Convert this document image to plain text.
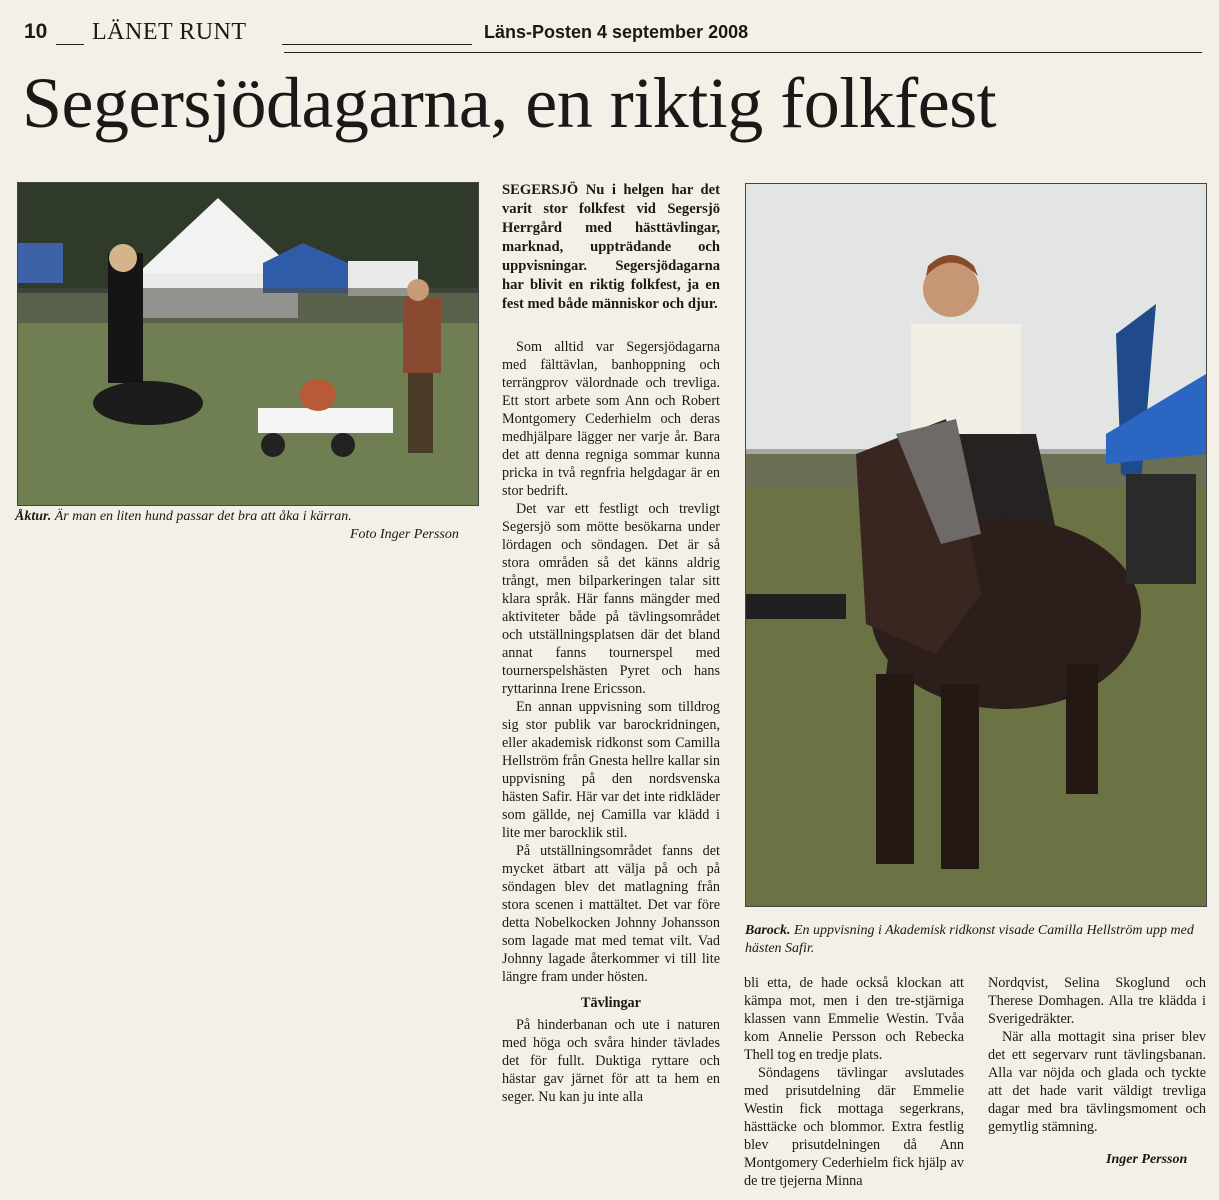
10 LÄNET RUNT	Läns-Posten 4 september 2008
Segersjödagarna, en riktig folkfest
Åktur. Är man en liten hund passar det bra att åka i kärran.
Foto Inger Persson
Barock. En uppvisning i Akademisk ridkonst visade Camilla Hellström upp med hästen Safir.

SEGERSJÖ Nu i helgen har det varit stor folkfest vid Segersjö Herrgård med hästtävlingar, marknad, uppträdande och uppvisningar. Segersjödagarna har blivit en riktig folkfest, ja en fest med både människor och djur.

Som alltid var Segersjödagarna med fälttävlan, banhoppning och terrängprov välordnade och trevliga. Ett stort arbete som Ann och Robert Montgomery Cederhielm och deras medhjälpare lägger ner varje år. Bara det att denna regniga sommar kunna pricka in två regnfria helgdagar är en stor bedrift.

Det var ett festligt och trevligt Segersjö som mötte besökarna under lördagen och söndagen. Det är så stora områden så det känns aldrig trångt, men bilparkeringen talar sitt klara språk. Här fanns mängder med aktiviteter både på tävlingsområdet och utställningsplatsen där det bland annat fanns tournerspel med tournerspelshästen Pyret och hans ryttarinna Irene Ericsson.

En annan uppvisning som tilldrog sig stor publik var barockridningen, eller akademisk ridkonst som Camilla Hellström från Gnesta hellre kallar sin uppvisning på den nordsvenska hästen Safir. Här var det inte ridkläder som gällde, nej Camilla var klädd i lite mer barocklik stil.

På utställningsområdet fanns det mycket ätbart att välja på och på söndagen blev det matlagning från stora scenen i mattältet. Det var före detta Nobelkocken Johnny Johansson som lagade mat med temat vilt. Vad Johnny lagade återkommer vi till lite längre fram under hösten.

Tävlingar

På hinderbanan och ute i naturen med höga och svåra hinder tävlades det för fullt. Duktiga ryttare och hästar gav järnet för att ta hem en seger. Nu kan ju inte alla

bli etta, de hade också klockan att kämpa mot, men i den tre-stjärniga klassen vann Emmelie Westin. Tvåa kom Annelie Persson och Rebecka Thell tog en tredje plats.

Söndagens tävlingar avslutades med prisutdelning där Emmelie Westin fick mottaga segerkrans, hästtäcke och blommor. Extra festlig blev prisutdelningen då Ann Montgomery Cederhielm fick hjälp av de tre tjejerna Minna

Nordqvist, Selina Skoglund och Therese Domhagen. Alla tre klädda i Sverigedräkter.

När alla mottagit sina priser blev det ett segervarv runt tävlingsbanan. Alla var nöjda och glada och tyckte att det hade varit väldigt trevliga dagar med bra tävlingsmoment och gemytlig stämning.

Inger Persson
